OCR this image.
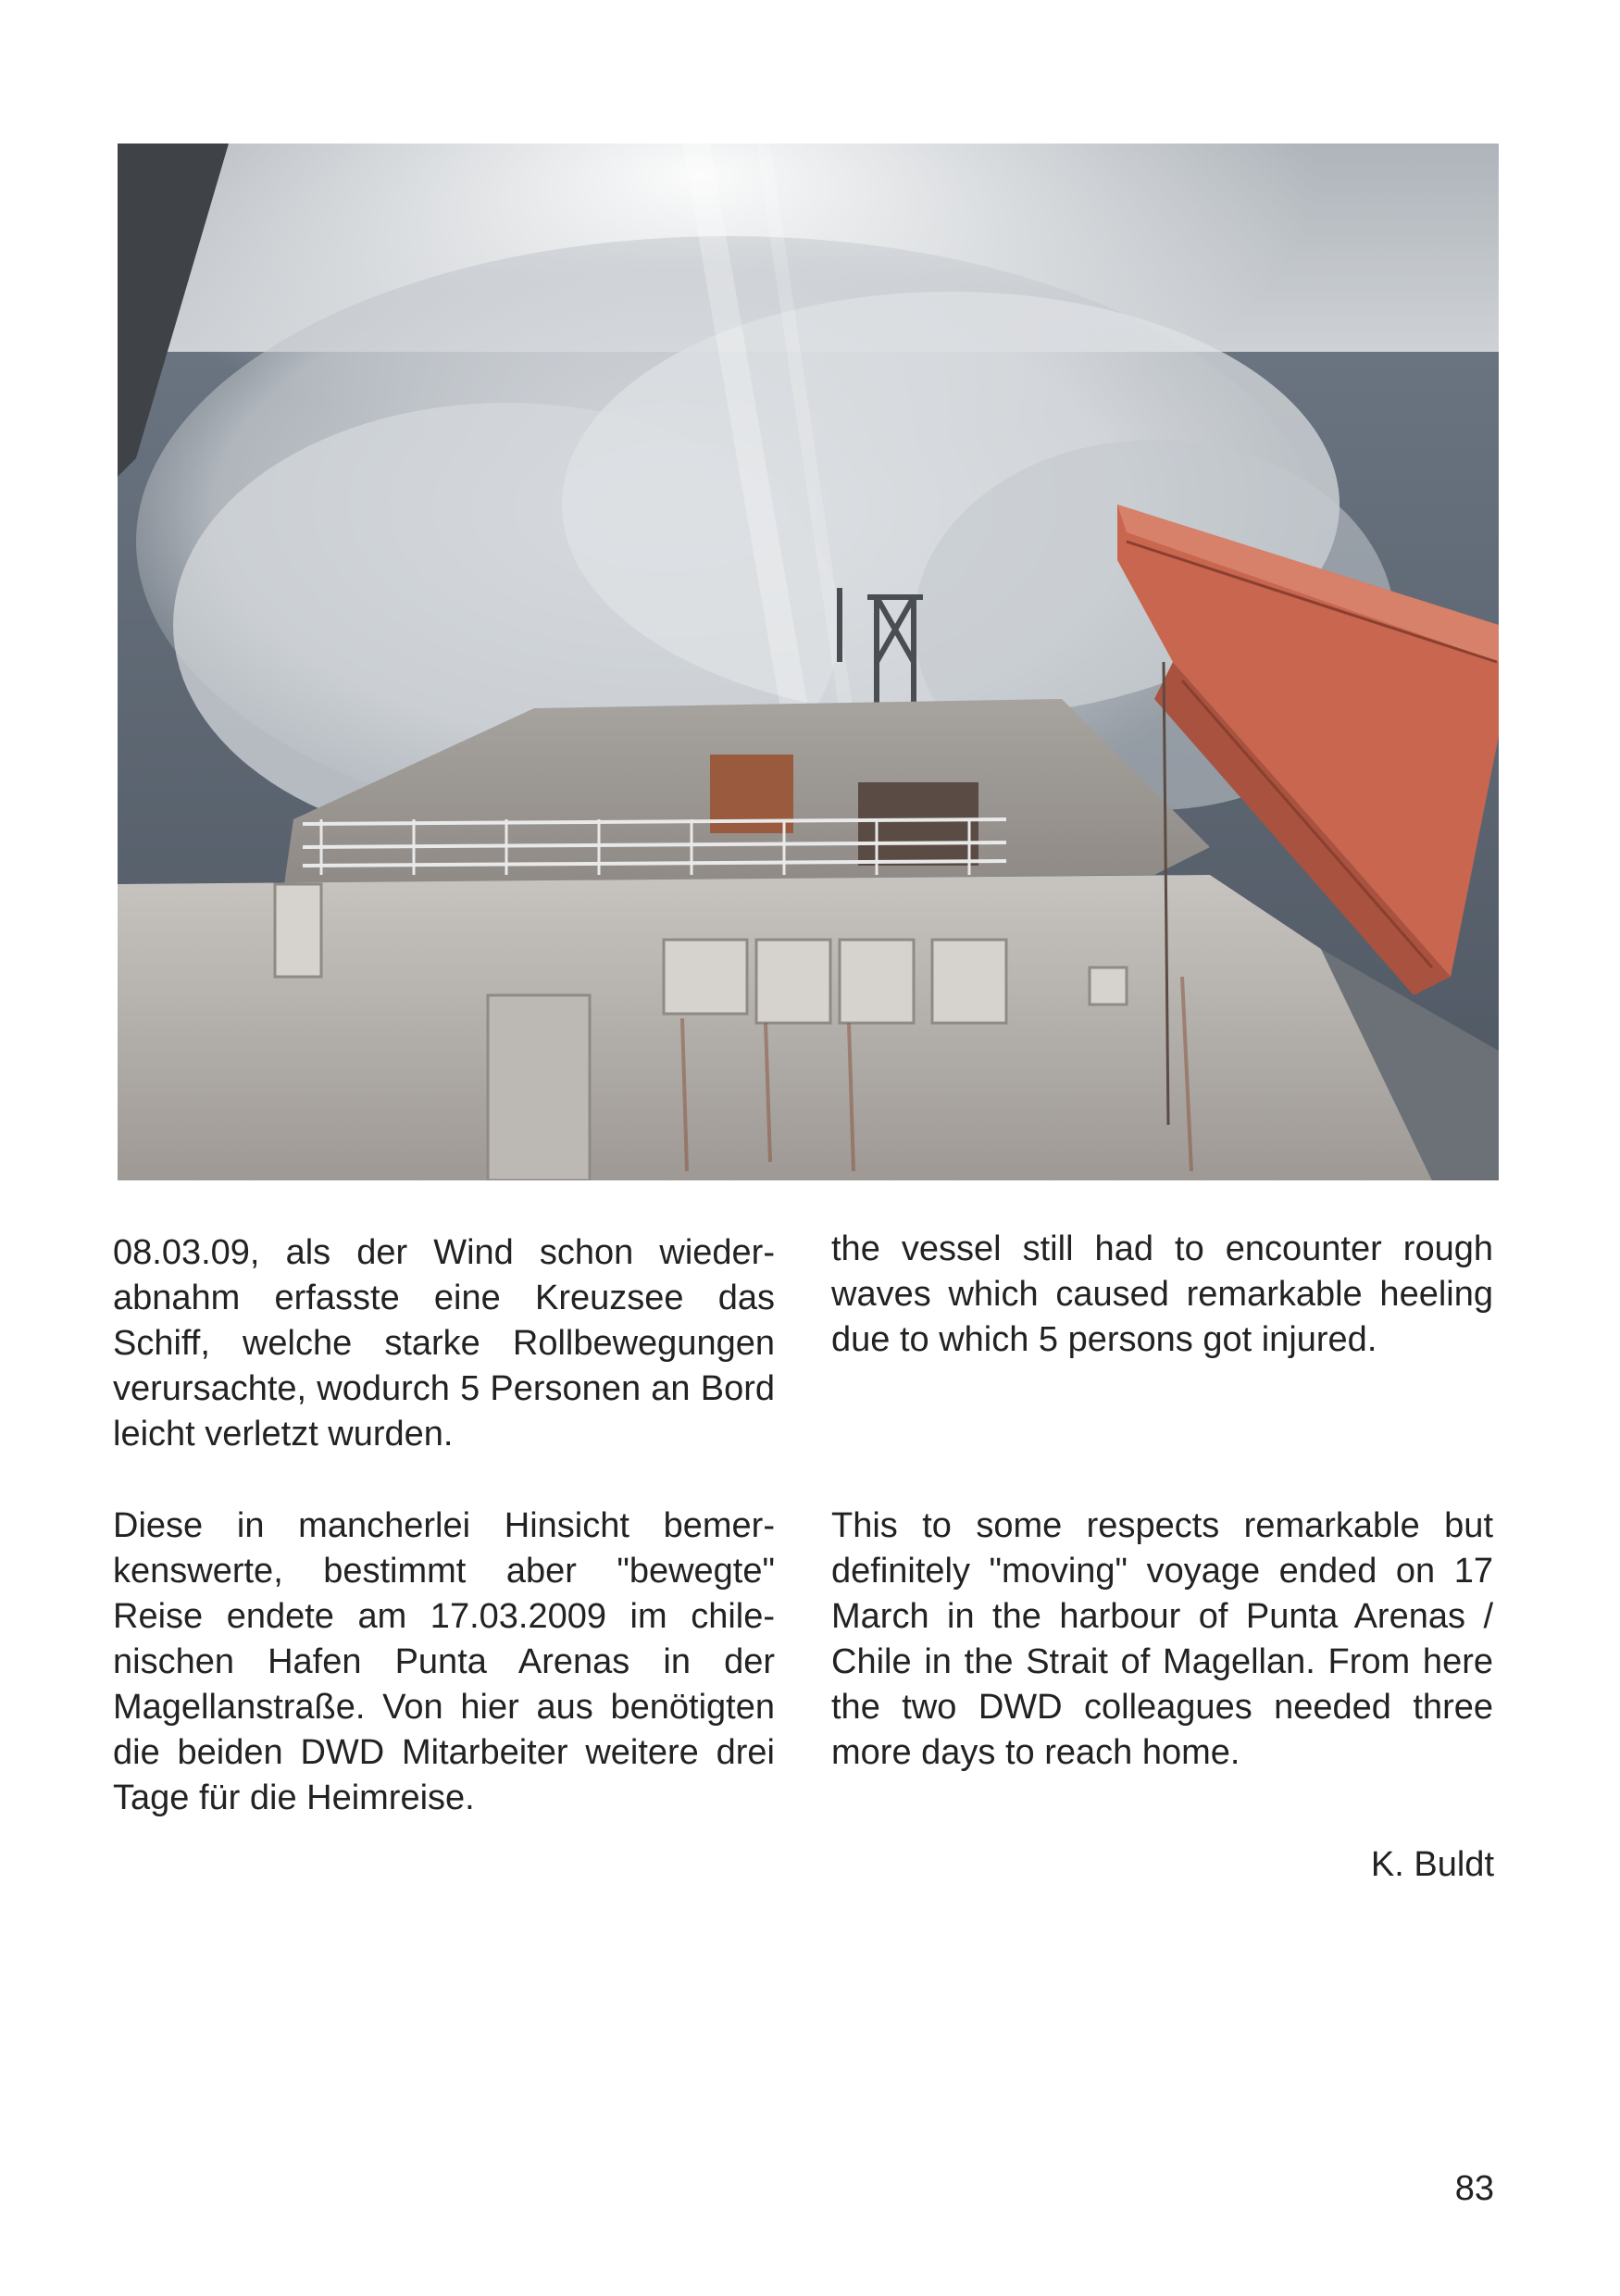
08.03.09, als der Wind schon wiederabnahm erfasste eine Kreuzsee das Schiff, welche starke Rollbewegungen verursachte, wodurch 5 Personen an Bord leicht verletzt wurden.

Diese in mancherlei Hinsicht bemerkenswerte, bestimmt aber "bewegte" Reise endete am 17.03.2009 im chilenischen Hafen Punta Arenas in der Magellanstraße. Von hier aus benötigten die beiden DWD Mitarbeiter weitere drei Tage für die Heimreise.

the vessel still had to encounter rough waves which caused remarkable heeling due to which 5 persons got injured.

This to some respects remarkable but definitely "moving" voyage ended on 17 March in the harbour of Punta Arenas / Chile in the Strait of Magellan. From here the two DWD colleagues needed three more days to reach home.

K. Buldt
83
